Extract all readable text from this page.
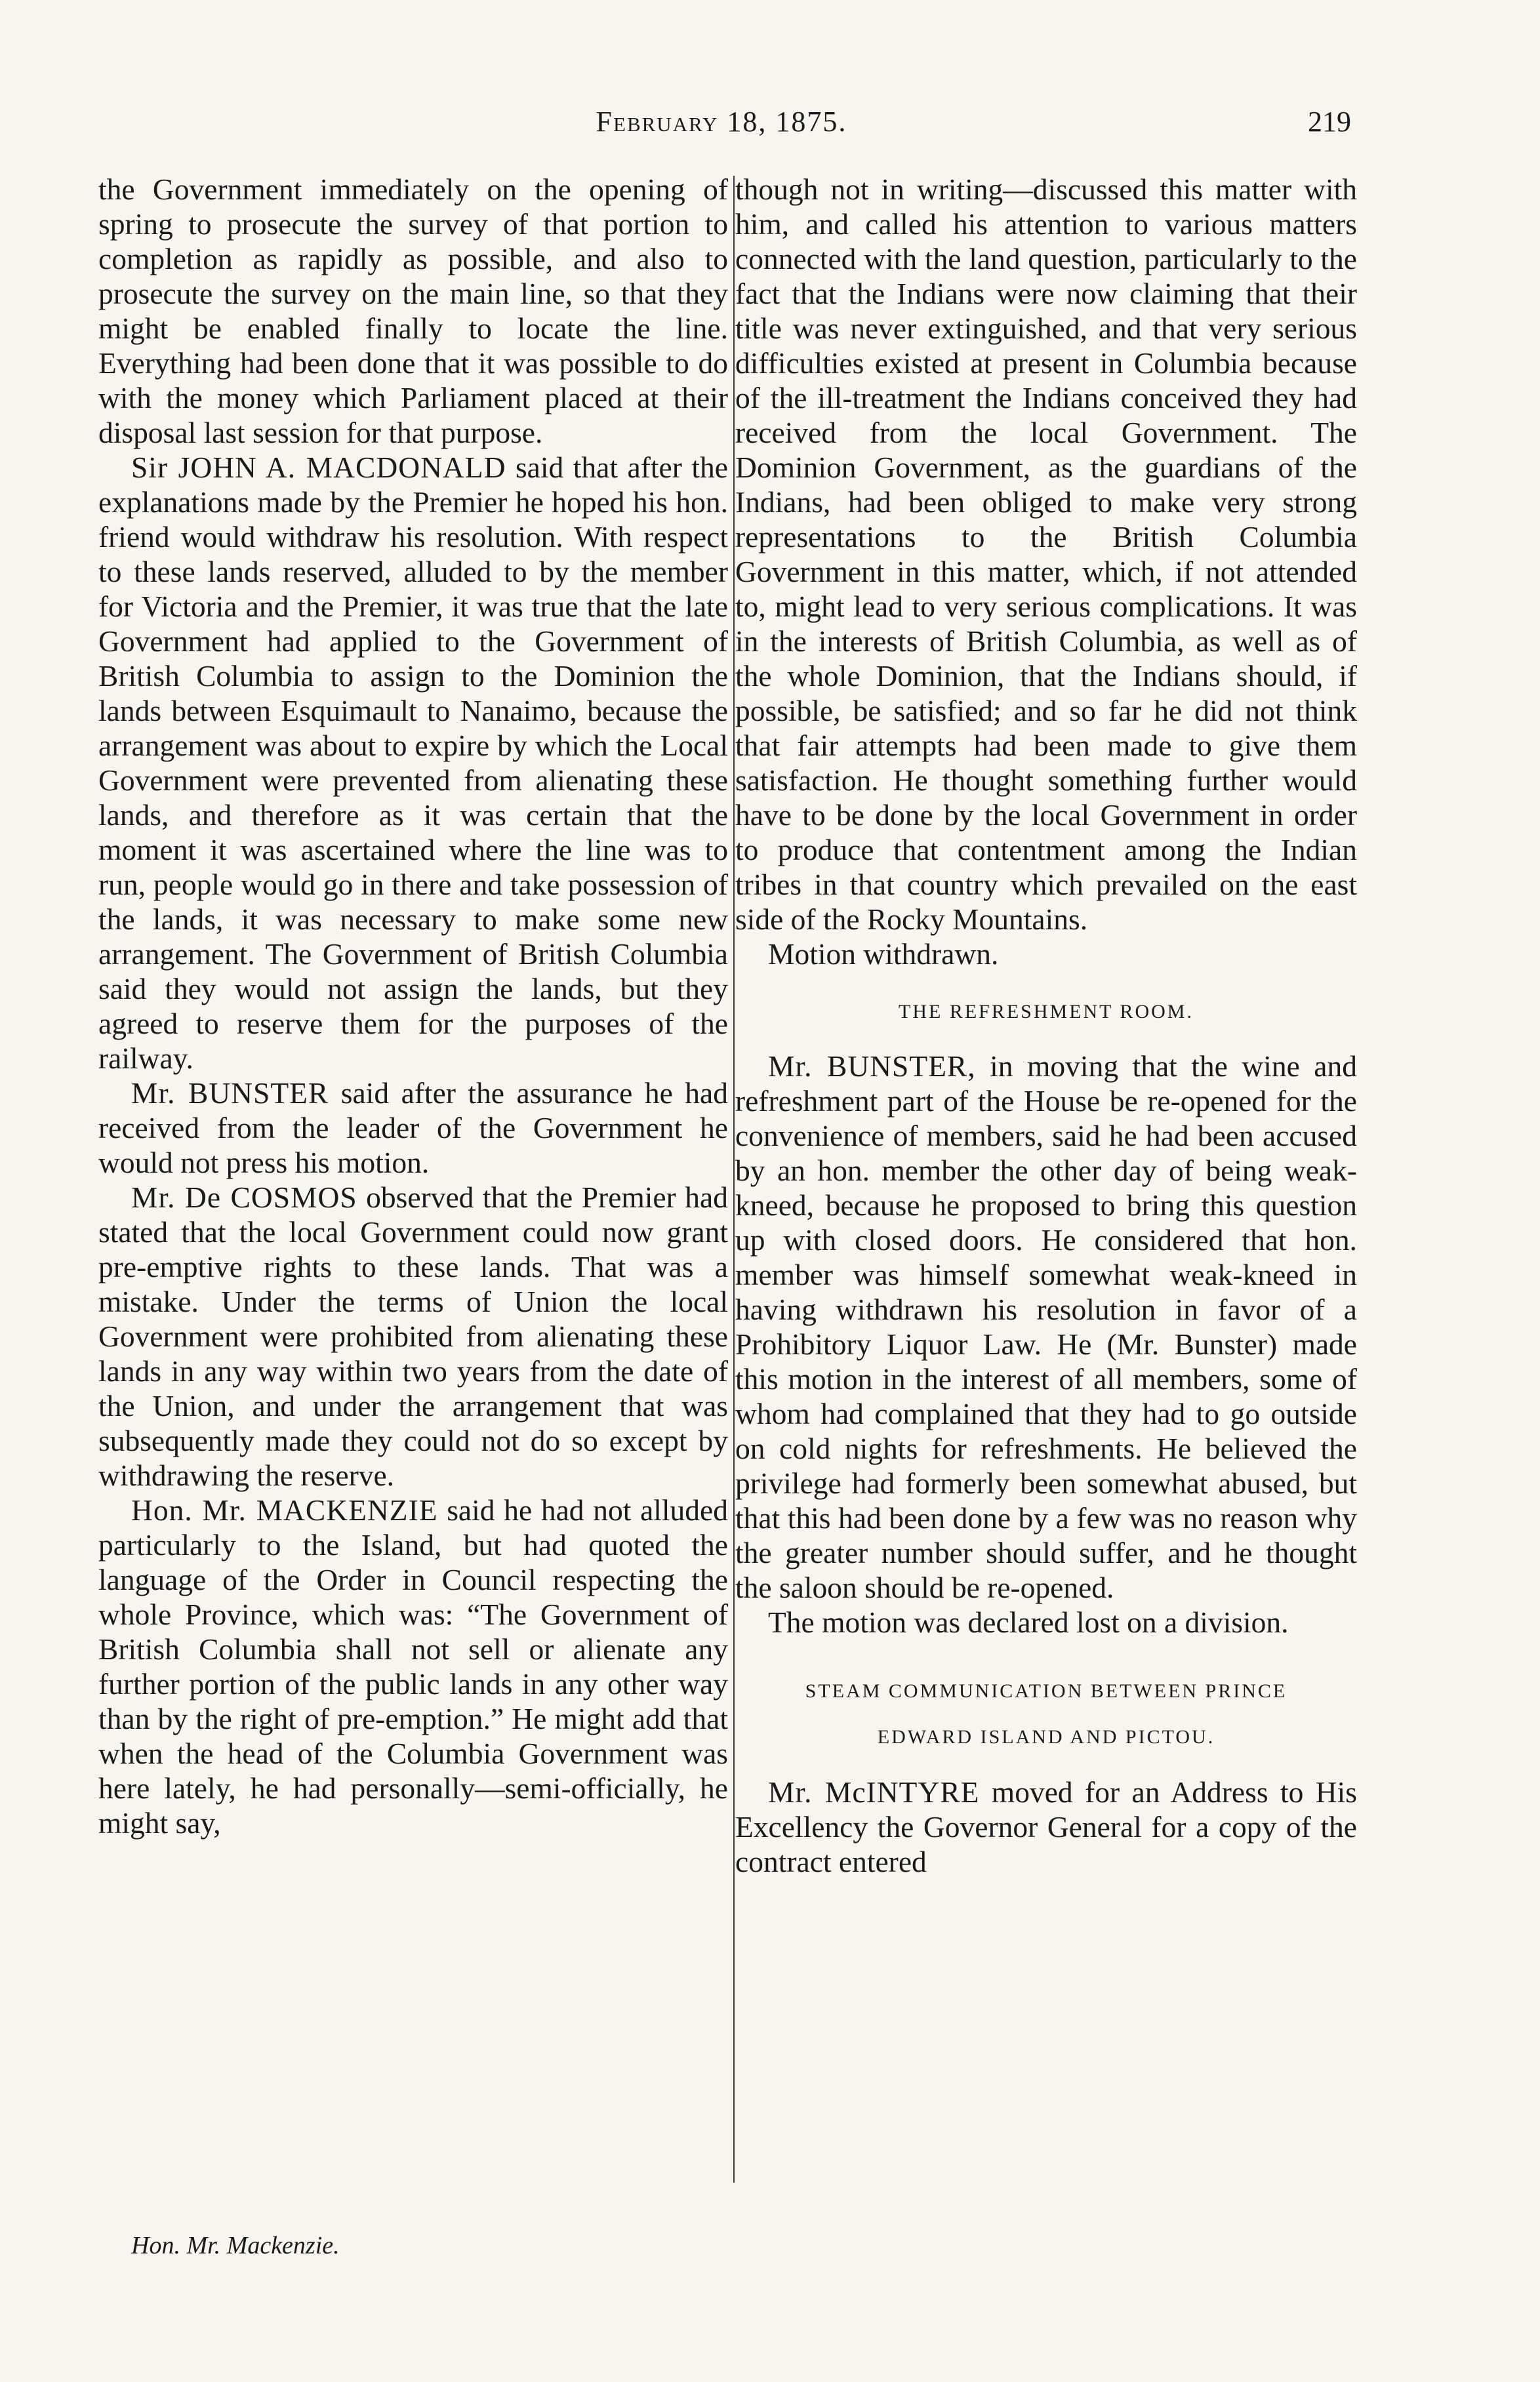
February 18, 1875.	219

the Government immediately on the opening of spring to prosecute the survey of that portion to completion as rapidly as possible, and also to prosecute the survey on the main line, so that they might be enabled finally to locate the line. Everything had been done that it was possible to do with the money which Parliament placed at their disposal last session for that purpose.

Sir JOHN A. MACDONALD said that after the explanations made by the Premier he hoped his hon. friend would withdraw his resolution. With respect to these lands reserved, alluded to by the member for Victoria and the Premier, it was true that the late Government had applied to the Government of British Columbia to assign to the Dominion the lands between Esquimault to Nanaimo, because the arrangement was about to expire by which the Local Government were prevented from alienating these lands, and therefore as it was certain that the moment it was ascertained where the line was to run, people would go in there and take possession of the lands, it was necessary to make some new arrangement. The Government of British Columbia said they would not assign the lands, but they agreed to reserve them for the purposes of the railway.

Mr. BUNSTER said after the assurance he had received from the leader of the Government he would not press his motion.

Mr. De COSMOS observed that the Premier had stated that the local Government could now grant pre-emptive rights to these lands. That was a mistake. Under the terms of Union the local Government were prohibited from alienating these lands in any way within two years from the date of the Union, and under the arrangement that was subsequently made they could not do so except by withdrawing the reserve.

Hon. Mr. MACKENZIE said he had not alluded particularly to the Island, but had quoted the language of the Order in Council respecting the whole Province, which was: “The Government of British Columbia shall not sell or alienate any further portion of the public lands in any other way than by the right of pre-emption.” He might add that when the head of the Columbia Government was here lately, he had personally—semi-officially, he might say,

though not in writing—discussed this matter with him, and called his attention to various matters connected with the land question, particularly to the fact that the Indians were now claiming that their title was never extinguished, and that very serious difficulties existed at present in Columbia because of the ill-treatment the Indians conceived they had received from the local Government. The Dominion Government, as the guardians of the Indians, had been obliged to make very strong representations to the British Columbia Government in this matter, which, if not attended to, might lead to very serious complications. It was in the interests of British Columbia, as well as of the whole Dominion, that the Indians should, if possible, be satisfied; and so far he did not think that fair attempts had been made to give them satisfaction. He thought something further would have to be done by the local Government in order to produce that contentment among the Indian tribes in that country which prevailed on the east side of the Rocky Mountains.

Motion withdrawn.

THE REFRESHMENT ROOM.

Mr. BUNSTER, in moving that the wine and refreshment part of the House be re-opened for the convenience of members, said he had been accused by an hon. member the other day of being weak-kneed, because he proposed to bring this question up with closed doors. He considered that hon. member was himself somewhat weak-kneed in having withdrawn his resolution in favor of a Prohibitory Liquor Law. He (Mr. Bunster) made this motion in the interest of all members, some of whom had complained that they had to go outside on cold nights for refreshments. He believed the privilege had formerly been somewhat abused, but that this had been done by a few was no reason why the greater number should suffer, and he thought the saloon should be re-opened.

The motion was declared lost on a division.

STEAM COMMUNICATION BETWEEN PRINCE
EDWARD ISLAND AND PICTOU.

Mr. McINTYRE moved for an Address to His Excellency the Governor General for a copy of the contract entered

Hon. Mr. Mackenzie.
